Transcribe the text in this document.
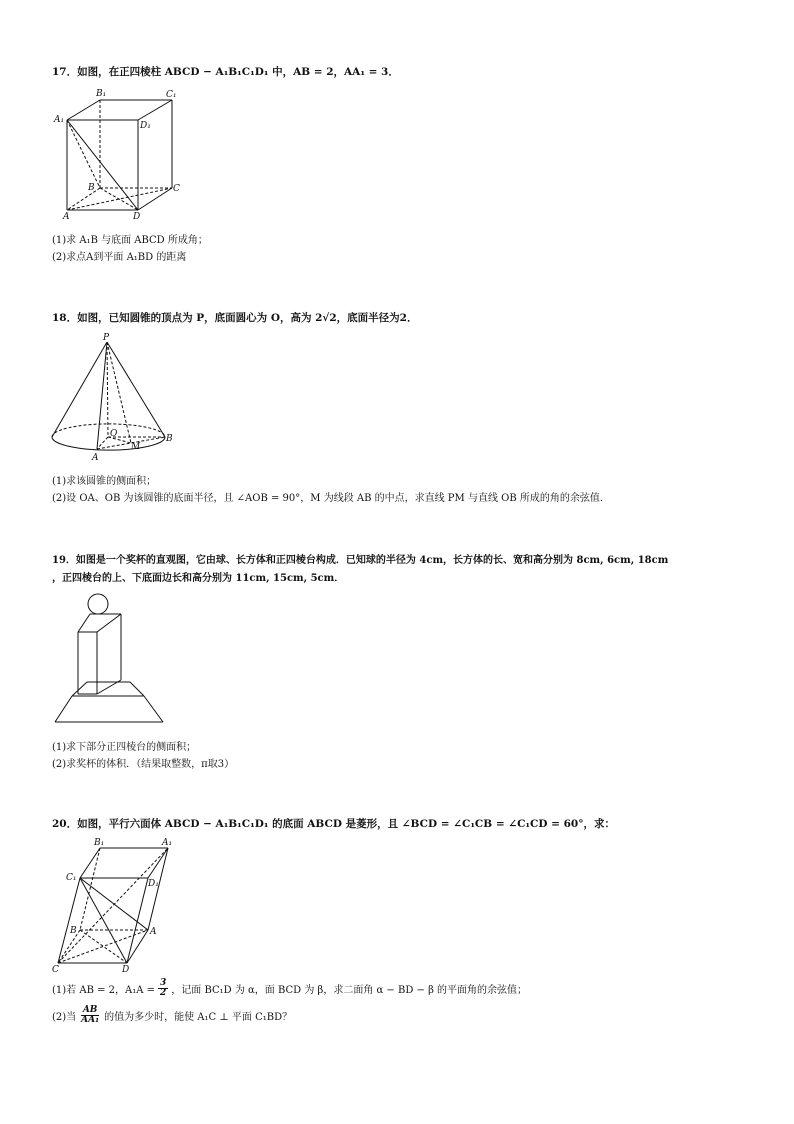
17．如图，在正四棱柱 ABCD − A₁B₁C₁D₁ 中，AB = 2，AA₁ = 3．
A₁
B₁	C₁
D₁
B	C
A	D
P
O
M
A
B
B₁	A₁
C₁
D₁
B	A
C	D
(1)求 A₁B 与底面 ABCD 所成角；
(2)求点A到平面 A₁BD 的距离
18．如图，已知圆锥的顶点为 P，底面圆心为 O，高为 2√2，底面半径为2．
(1)求该圆锥的侧面积；
(2)设 OA、OB 为该圆锥的底面半径，且 ∠AOB = 90°，M 为线段 AB 的中点，求直线 PM 与直线 OB 所成的角的余弦值．
19．如图是一个奖杯的直观图，它由球、长方体和正四棱台构成．已知球的半径为 4cm，长方体的长、宽和高分别为 8cm, 6cm, 18cm
，正四棱台的上、下底面边长和高分别为 11cm, 15cm, 5cm．
(1)求下部分正四棱台的侧面积；
(2)求奖杯的体积．（结果取整数，π取3）
20．如图，平行六面体 ABCD − A₁B₁C₁D₁ 的底面 ABCD 是菱形，且 ∠BCD = ∠C₁CB = ∠C₁CD = 60°，求：
(1)若 AB = 2，$A_1A = \frac{3}{2}$ ，记面 BC₁D 为 α，面 BCD 为 β，求二面角 α − BD − β 的平面角的余弦值；
(2)当 $\frac{AB}{\text{AA₁}}$ 的值为多少时，能使 A₁C ⊥ 平面 C₁BD？
